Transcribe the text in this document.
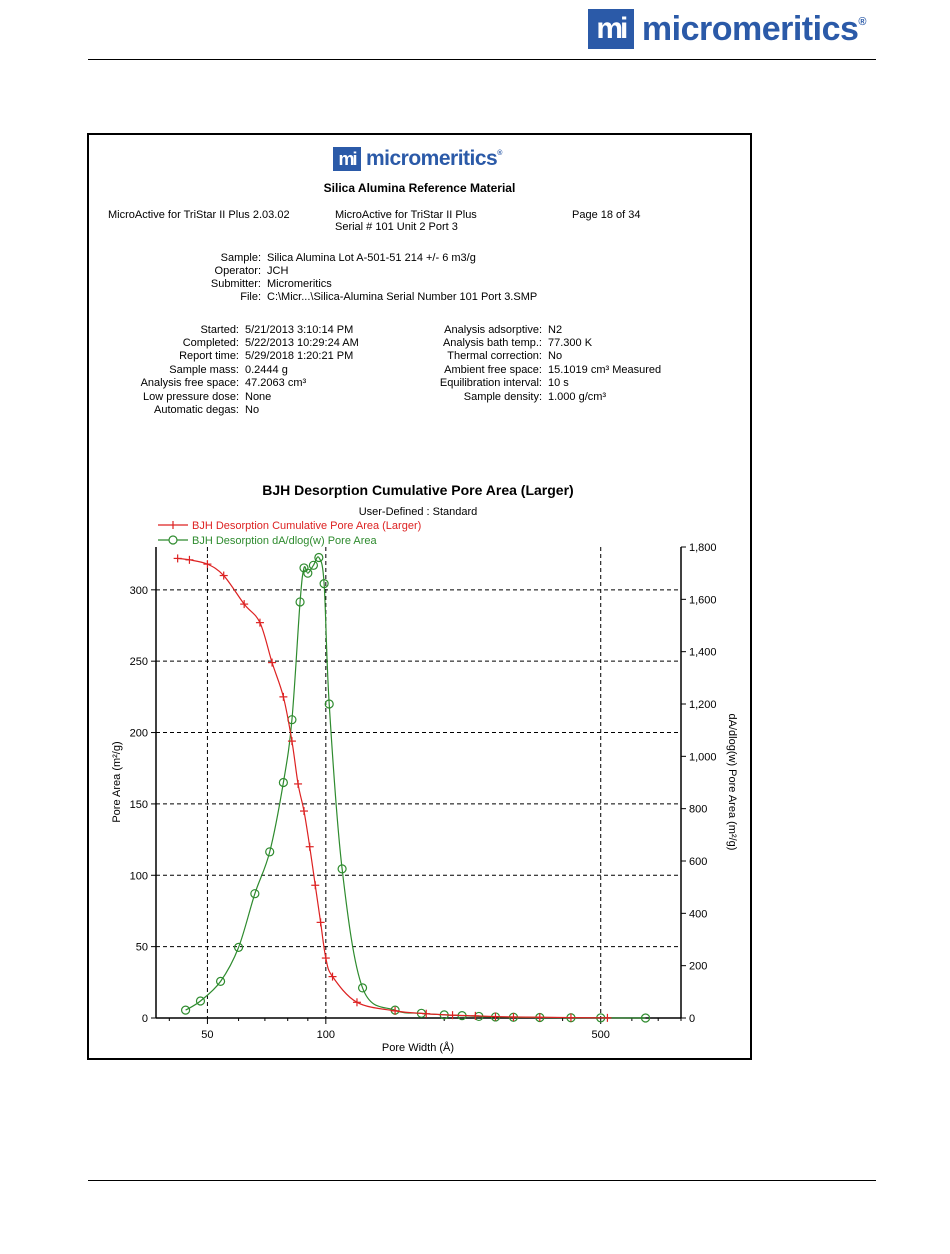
mi micromeritics®
mi micromeritics®
Silica Alumina Reference Material
MicroActive for TriStar II Plus 2.03.02	MicroActive for TriStar II Plus
Serial # 101 Unit 2 Port 3
Page 18 of 34
Sample: Silica Alumina Lot A-501-51 214 +/- 6 m3/g
Operator: JCH
Submitter: Micromeritics
File: C:\Micr...\Silica-Alumina Serial Number 101 Port 3.SMP
Started: 5/21/2013 3:10:14 PM
Completed: 5/22/2013 10:29:24 AM
Report time: 5/29/2018 1:20:21 PM
Sample mass: 0.2444 g
Analysis free space: 47.2063 cm³
Low pressure dose: None
Automatic degas: No
Analysis adsorptive: N2
Analysis bath temp.: 77.300 K
Thermal correction: No
Ambient free space: 15.1019 cm³ Measured
Equilibration interval: 10 s
Sample density: 1.000 g/cm³
BJH Desorption Cumulative Pore Area (Larger)
User-Defined : Standard
BJH Desorption Cumulative Pore Area (Larger)
BJH Desorption dA/dlog(w) Pore Area
0
50
100
150
200
250
300
0
200
400
600
800
1,000
1,200
1,400
1,600
1,800
50	100	500
Pore Width (Å)
Pore Area (m²/g)	dA/dlog(w) Pore Area (m²/g)
